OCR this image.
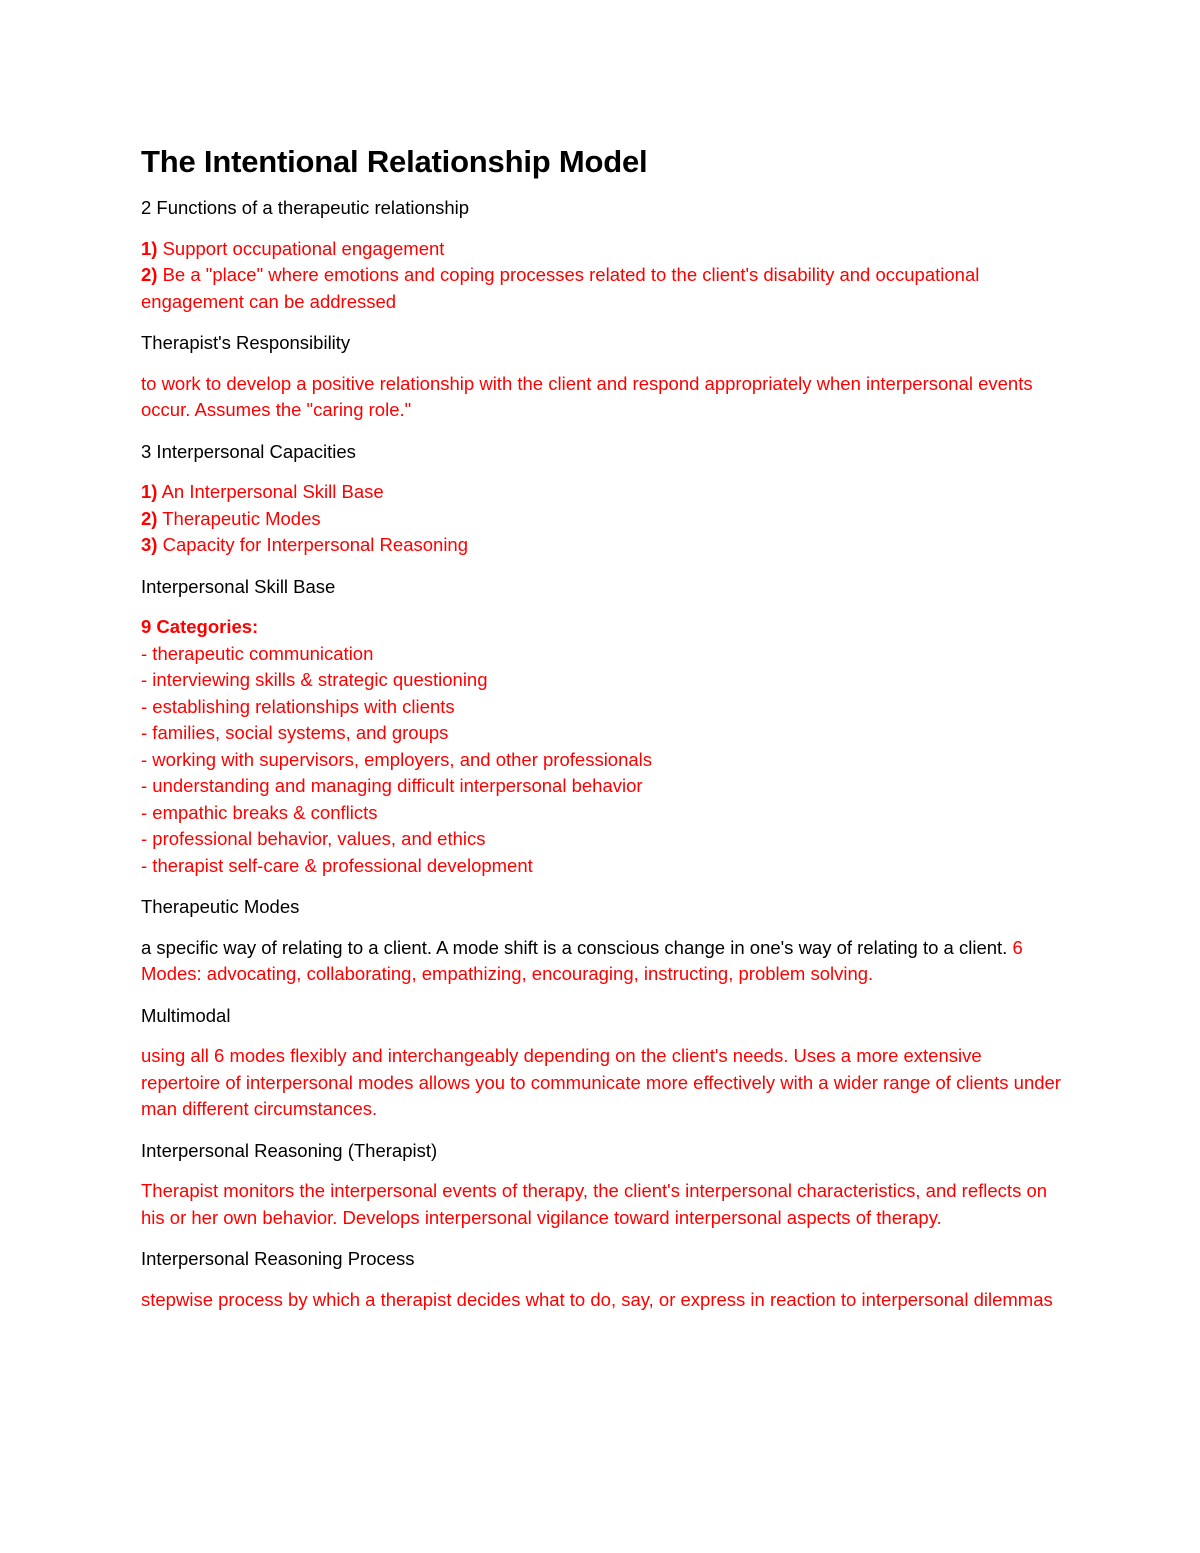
The Intentional Relationship Model
2 Functions of a therapeutic relationship
1) Support occupational engagement
2) Be a "place" where emotions and coping processes related to the client's disability and occupational engagement can be addressed
Therapist's Responsibility
to work to develop a positive relationship with the client and respond appropriately when interpersonal events occur. Assumes the "caring role."
3 Interpersonal Capacities
1) An Interpersonal Skill Base
2) Therapeutic Modes
3) Capacity for Interpersonal Reasoning
Interpersonal Skill Base
9 Categories:
- therapeutic communication
- interviewing skills & strategic questioning
- establishing relationships with clients
- families, social systems, and groups
- working with supervisors, employers, and other professionals
- understanding and managing difficult interpersonal behavior
- empathic breaks & conflicts
- professional behavior, values, and ethics
- therapist self-care & professional development
Therapeutic Modes
a specific way of relating to a client. A mode shift is a conscious change in one's way of relating to a client. 6 Modes: advocating, collaborating, empathizing, encouraging, instructing, problem solving.
Multimodal
using all 6 modes flexibly and interchangeably depending on the client's needs. Uses a more extensive repertoire of interpersonal modes allows you to communicate more effectively with a wider range of clients under man different circumstances.
Interpersonal Reasoning (Therapist)
Therapist monitors the interpersonal events of therapy, the client's interpersonal characteristics, and reflects on his or her own behavior. Develops interpersonal vigilance toward interpersonal aspects of therapy.
Interpersonal Reasoning Process
stepwise process by which a therapist decides what to do, say, or express in reaction to interpersonal dilemmas
